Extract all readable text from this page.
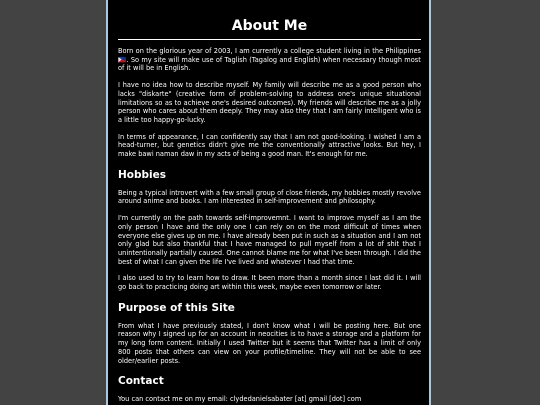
About Me

Born on the glorious year of 2003, I am currently a college student living in the Philippines 🇵🇭. So my site will make use of Taglish (Tagalog and English) when necessary though most of it will be in English.

I have no idea how to describe myself. My family will describe me as a good person who lacks "diskarte" (creative form of problem-solving to address one's unique situational limitations so as to achieve one's desired outcomes). My friends will describe me as a jolly person who cares about them deeply. They may also they that I am fairly intelligent who is a little too happy-go-lucky.

In terms of appearance, I can confidently say that I am not good-looking. I wished I am a head-turner, but genetics didn't give me the conventionally attractive looks. But hey, I make bawi naman daw in my acts of being a good man. It's enough for me.

Hobbies

Being a typical introvert with a few small group of close friends, my hobbies mostly revolve around anime and books. I am interested in self-improvement and philosophy.

I'm currently on the path towards self-improvemnt. I want to improve myself as I am the only person I have and the only one I can rely on on the most difficult of times when everyone else gives up on me. I have already been put in such as a situation and I am not only glad but also thankful that I have managed to pull myself from a lot of shit that I unintentionally partially caused. One cannot blame me for what I've been through. I did the best of what I can given the life I've lived and whatever I had that time.

I also used to try to learn how to draw. It been more than a month since I last did it. I will go back to practicing doing art within this week, maybe even tomorrow or later.

Purpose of this Site

From what I have previously stated, I don't know what I will be posting here. But one reason why I signed up for an account in neocities is to have a storage and a platform for my long form content. Initially I used Twitter but it seems that Twitter has a limit of only 800 posts that others can view on your profile/timeline. They will not be able to see older/earlier posts.

Contact

You can contact me on my email: clydedanielsabater [at] gmail [dot] com
